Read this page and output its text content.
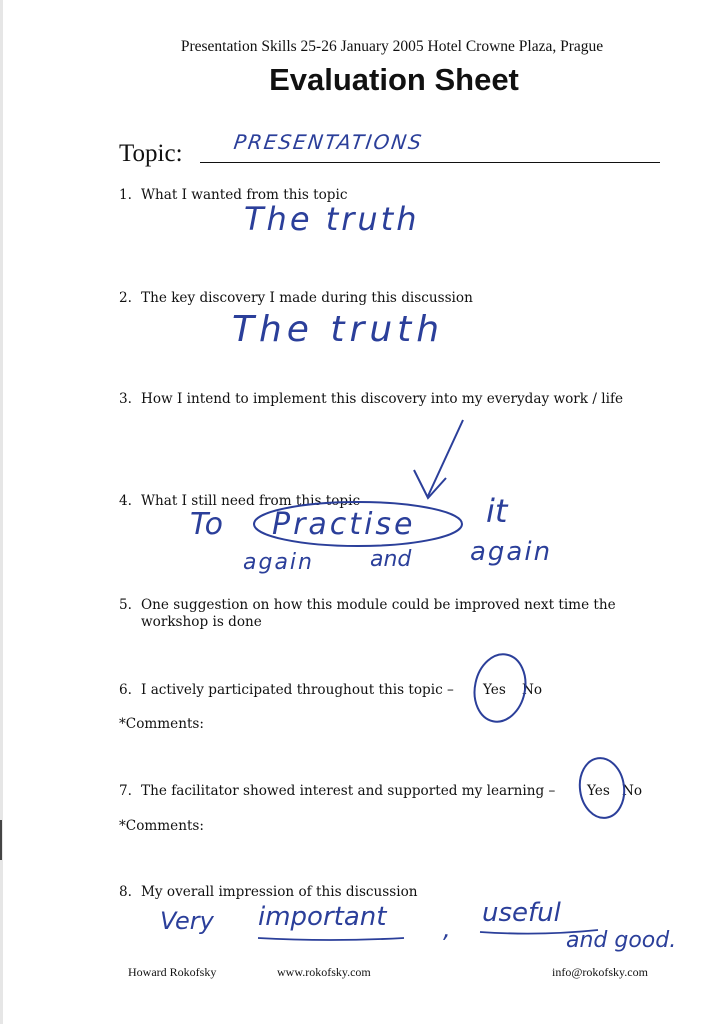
Presentation Skills 25-26 January 2005 Hotel Crowne Plaza, Prague
Evaluation Sheet
Topic:
1. What I wanted from this topic
2. The key discovery I made during this discussion
3. How I intend to implement this discovery into my everyday work / life
4. What I still need from this topic
5. One suggestion on how this module could be improved next time the
workshop is done
6. I actively participated throughout this topic – Yes No
*Comments:
7. The facilitator showed interest and supported my learning – Yes No
*Comments:
8. My overall impression of this discussion
Howard Rokofsky	www.rokofsky.com	info@rokofsky.com
PRESENTATIONS
The truth
The truth
To Practise it
again	and again
Very important ,
useful
and good.
